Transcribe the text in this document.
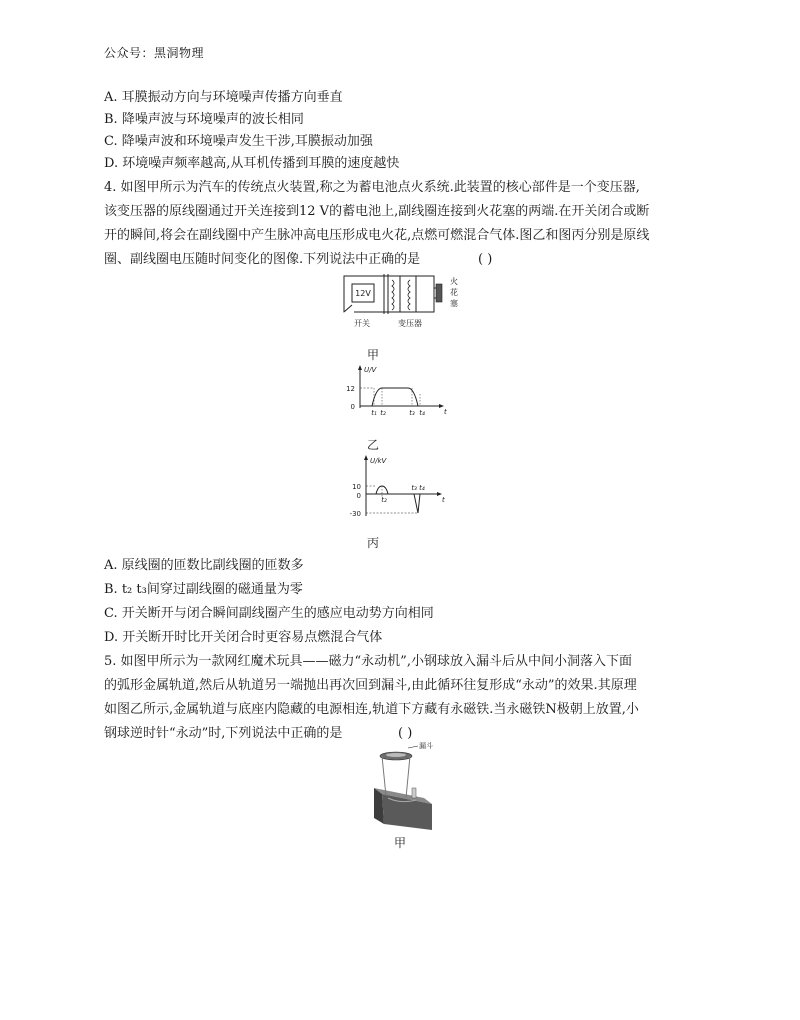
公众号：黑洞物理
A. 耳膜振动方向与环境噪声传播方向垂直
B. 降噪声波与环境噪声的波长相同
C. 降噪声波和环境噪声发生干涉,耳膜振动加强
D. 环境噪声频率越高,从耳机传播到耳膜的速度越快
4. 如图甲所示为汽车的传统点火装置,称之为蓄电池点火系统.此装置的核心部件是一个变压器,
该变压器的原线圈通过开关连接到12 V的蓄电池上,副线圈连接到火花塞的两端.在开关闭合或断
开的瞬间,将会在副线圈中产生脉冲高电压形成电火花,点燃可燃混合气体.图乙和图丙分别是原线
圈、副线圈电压随时间变化的图像.下列说法中正确的是	( )
12V
火
花
塞
开关	变压器
甲
U/V
12
0
t₁ t₂	t₃ t₄	t
乙
U/kV
10
0
-30
t₂
t₃ t₄
t
丙
A. 原线圈的匝数比副线圈的匝数多
B. t₂ t₃间穿过副线圈的磁通量为零
C. 开关断开与闭合瞬间副线圈产生的感应电动势方向相同
D. 开关断开时比开关闭合时更容易点燃混合气体
5. 如图甲所示为一款网红魔术玩具——磁力“永动机”,小钢球放入漏斗后从中间小洞落入下面
的弧形金属轨道,然后从轨道另一端抛出再次回到漏斗,由此循环往复形成“永动”的效果.其原理
如图乙所示,金属轨道与底座内隐藏的电源相连,轨道下方藏有永磁铁.当永磁铁N极朝上放置,小
钢球逆时针“永动”时,下列说法中正确的是	( )
漏斗
甲
